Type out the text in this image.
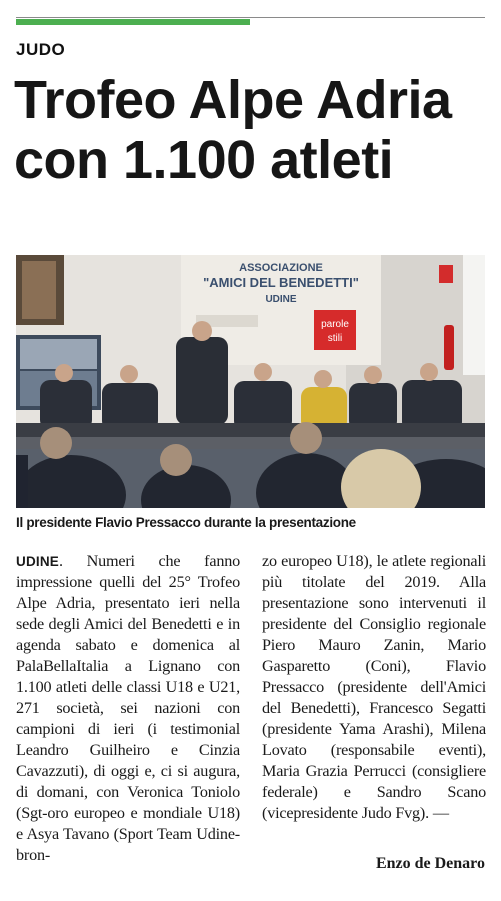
JUDO
Trofeo Alpe Adria
con 1.100 atleti
ASSOCIAZIONE
"AMICI DEL BENEDETTI"
UDINE
parole
stili
Il presidente Flavio Pressacco durante la presentazione
UDINE. Numeri che fanno impressione quelli del 25° Trofeo Alpe Adria, presentato ieri nella sede degli Amici del Benedetti e in agenda sabato e domenica al PalaBellaItalia a Lignano con 1.100 atleti delle classi U18 e U21, 271 società, sei nazioni con campioni di ieri (i testimonial Leandro Guilheiro e Cinzia Cavazzuti), di oggi e, ci si augura, di domani, con Veronica Toniolo (Sgt-oro europeo e mondiale U18) e Asya Tavano (Sport Team Udine-bron-
zo europeo U18), le atlete regionali più titolate del 2019. Alla presentazione sono intervenuti il presidente del Consiglio regionale Piero Mauro Zanin, Mario Gasparetto (Coni), Flavio Pressacco (presidente dell'Amici del Benedetti), Francesco Segatti (presidente Yama Arashi), Milena Lovato (responsabile eventi), Maria Grazia Perrucci (consigliere federale) e Sandro Scano (vicepresidente Judo Fvg). —
Enzo de Denaro
